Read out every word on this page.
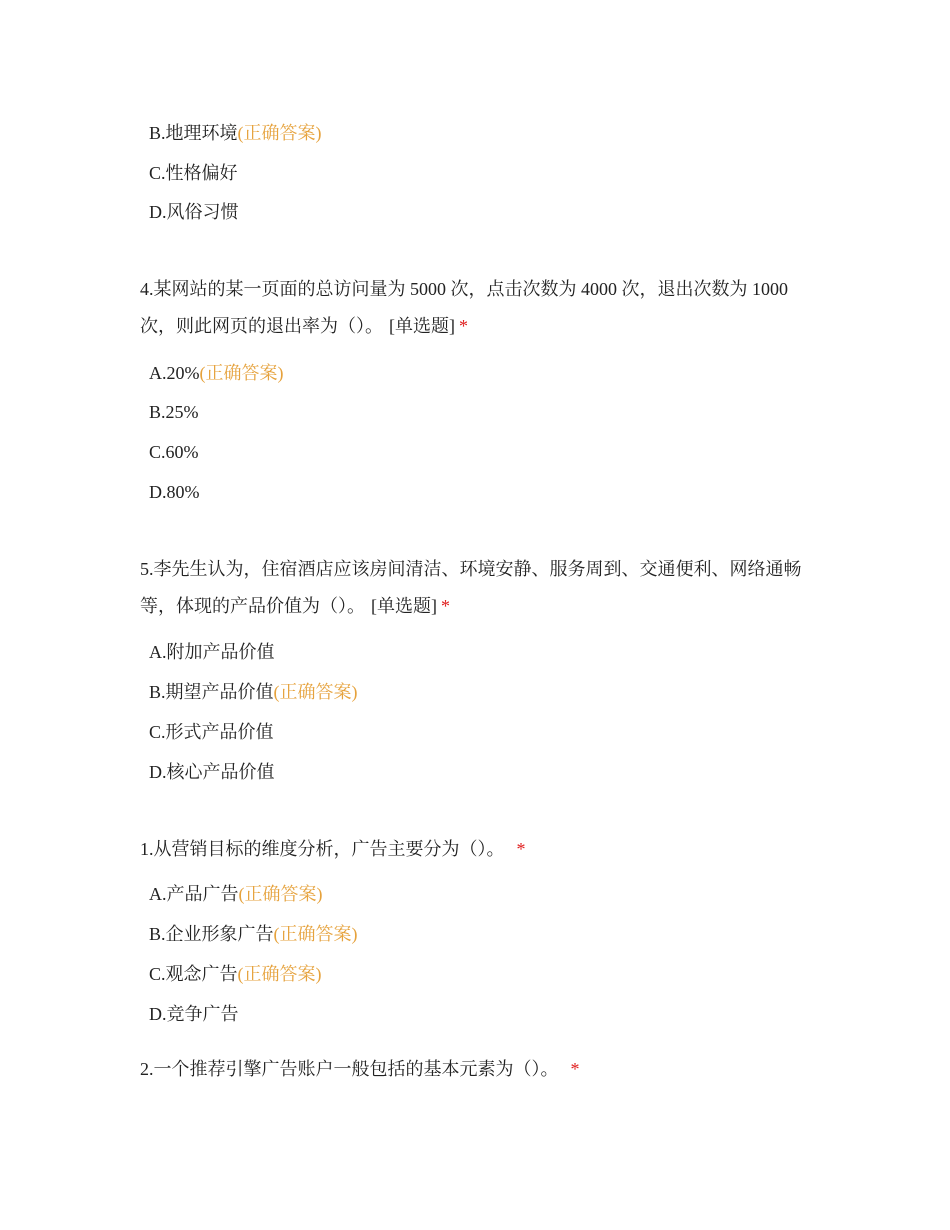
B.地理环境(正确答案)
C.性格偏好
D.风俗习惯
4.某网站的某一页面的总访问量为 5000 次，点击次数为 4000 次，退出次数为 1000 次，则此网页的退出率为（）。 [单选题] *
A.20%(正确答案)
B.25%
C.60%
D.80%
5.李先生认为，住宿酒店应该房间清洁、环境安静、服务周到、交通便利、网络通畅等，体现的产品价值为（）。 [单选题] *
A.附加产品价值
B.期望产品价值(正确答案)
C.形式产品价值
D.核心产品价值
1.从营销目标的维度分析，广告主要分为（）。 *
A.产品广告(正确答案)
B.企业形象广告(正确答案)
C.观念广告(正确答案)
D.竞争广告
2.一个推荐引擎广告账户一般包括的基本元素为（）。 *
